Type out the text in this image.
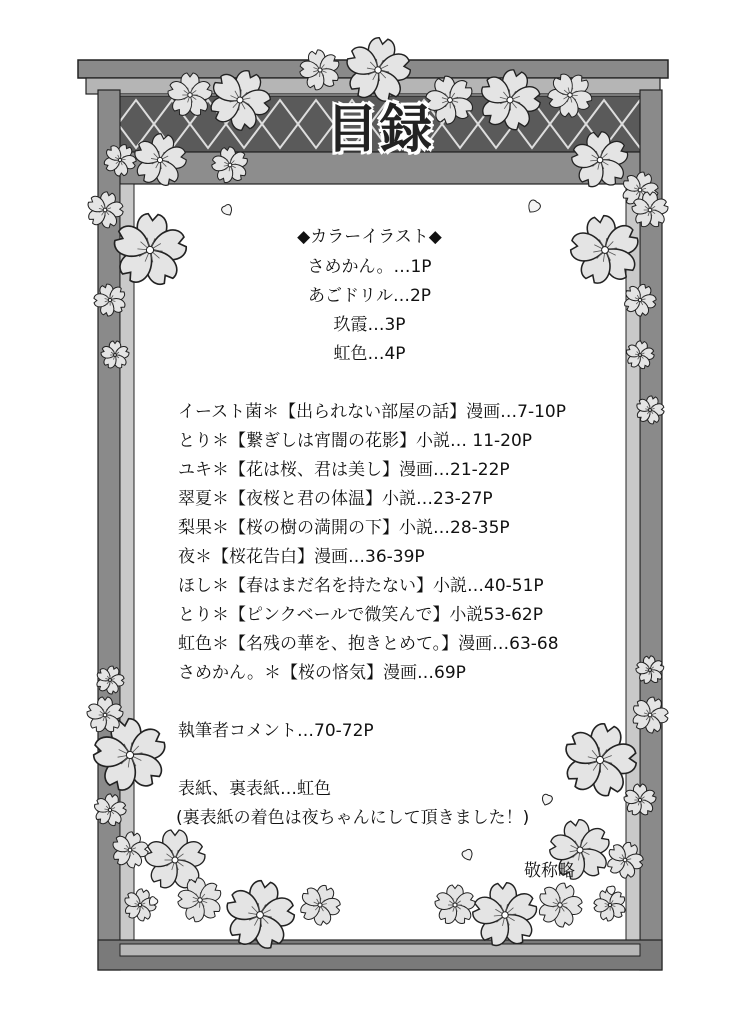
目録
◆カラーイラスト◆
さめかん。…1P
あごドリル…2P
玖霞…3P
虹色…4P
イースト菌＊【出られない部屋の話】漫画…7-10P
とり＊【繋ぎしは宵闇の花影】小説… 11-20P
ユキ＊【花は桜、君は美し】漫画…21-22P
翠夏＊【夜桜と君の体温】小説…23-27P
梨果＊【桜の樹の満開の下】小説…28-35P
夜＊【桜花告白】漫画…36-39P
ほし＊【春はまだ名を持たない】小説…40-51P
とり＊【ピンクベールで微笑んで】小説53-62P
虹色＊【名残の華を、抱きとめて。】漫画…63-68
さめかん。＊【桜の悋気】漫画…69P
執筆者コメント…70-72P
表紙、裏表紙…虹色
(裏表紙の着色は夜ちゃんにして頂きました！)
敬称略
